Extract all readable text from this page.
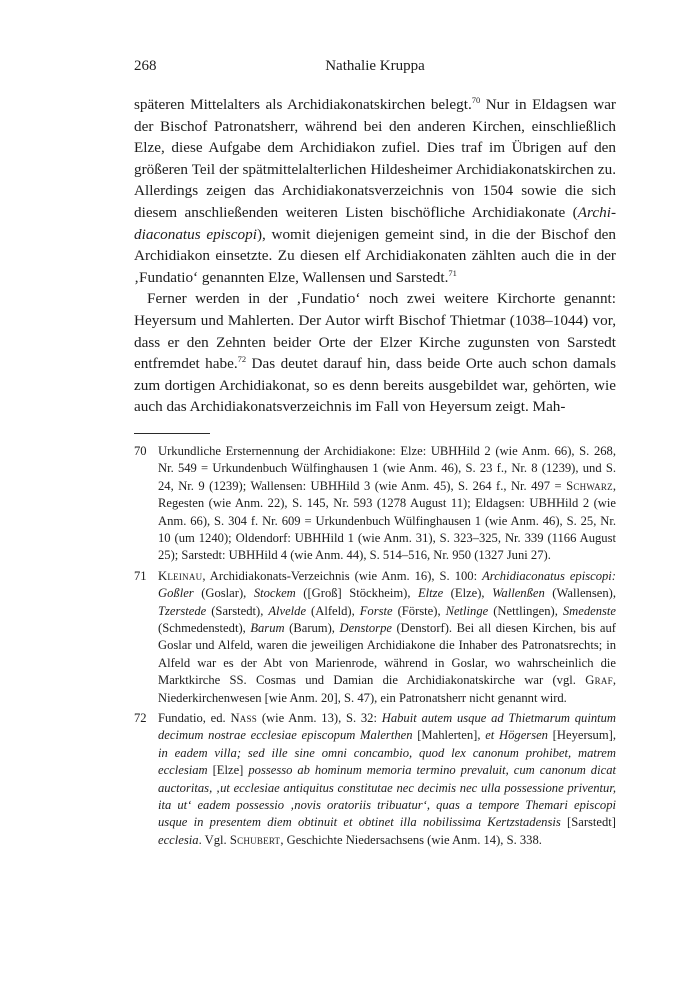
268	Nathalie Kruppa

späteren Mittelalters als Archidiakonatskirchen belegt.$^{70}$ Nur in Eldagsen war der Bischof Patronatsherr, während bei den anderen Kirchen, einschließlich Elze, diese Aufgabe dem Archidiakon zufiel. Dies traf im Übrigen auf den größeren Teil der spätmittelalterlichen Hildesheimer Archidiakonatskirchen zu. Allerdings zeigen das Archidiakonatsverzeichnis von 1504 sowie die sich diesem anschließenden weiteren Listen bischöfliche Archidiakonate (Archidiaconatus episcopi), womit diejenigen gemeint sind, in die der Bischof den Archidiakon einsetzte. Zu diesen elf Archidiakonaten zählten auch die in der ‚Fundatio‘ genannten Elze, Wallensen und Sarstedt.$^{71}$

Ferner werden in der ‚Fundatio‘ noch zwei weitere Kirchorte genannt: Heyersum und Mahlerten. Der Autor wirft Bischof Thietmar (1038–1044) vor, dass er den Zehnten beider Orte der Elzer Kirche zugunsten von Sarstedt entfremdet habe.$^{72}$ Das deutet darauf hin, dass beide Orte auch schon damals zum dortigen Archidiakonat, so es denn bereits ausgebildet war, gehörten, wie auch das Archidiakonatsverzeichnis im Fall von Heyersum zeigt. Mah-

70 Urkundliche Ersternennung der Archidiakone: Elze: UBHHild 2 (wie Anm. 66), S. 268, Nr. 549 = Urkundenbuch Wülfinghausen 1 (wie Anm. 46), S. 23 f., Nr. 8 (1239), und S. 24, Nr. 9 (1239); Wallensen: UBHHild 3 (wie Anm. 45), S. 264 f., Nr. 497 = Schwarz, Regesten (wie Anm. 22), S. 145, Nr. 593 (1278 August 11); Eldagsen: UBHHild 2 (wie Anm. 66), S. 304 f. Nr. 609 = Urkundenbuch Wülfinghausen 1 (wie Anm. 46), S. 25, Nr. 10 (um 1240); Oldendorf: UBHHild 1 (wie Anm. 31), S. 323–325, Nr. 339 (1166 August 25); Sarstedt: UBHHild 4 (wie Anm. 44), S. 514–516, Nr. 950 (1327 Juni 27).
71 Kleinau, Archidiakonats-Verzeichnis (wie Anm. 16), S. 100: Archidiaconatus episcopi: Goßler (Goslar), Stockem ([Groß] Stöckheim), Eltze (Elze), Wallenßen (Wallensen), Tzerstede (Sarstedt), Alvelde (Alfeld), Forste (Förste), Netlinge (Nettlingen), Smedenste (Schmedenstedt), Barum (Barum), Denstorpe (Denstorf). Bei all diesen Kirchen, bis auf Goslar und Alfeld, waren die jeweiligen Archidiakone die Inhaber des Patronatsrechts; in Alfeld war es der Abt von Marienrode, während in Goslar, wo wahrscheinlich die Marktkirche SS. Cosmas und Damian die Archidiakonatskirche war (vgl. Graf, Niederkirchenwesen [wie Anm. 20], S. 47), ein Patronatsherr nicht genannt wird.
72 Fundatio, ed. Nass (wie Anm. 13), S. 32: Habuit autem usque ad Thietmarum quintum decimum nostrae ecclesiae episcopum Malerthen [Mahlerten], et Högersen [Heyersum], in eadem villa; sed ille sine omni concambio, quod lex canonum prohibet, matrem ecclesiam [Elze] possesso ab hominum memoria termino prevaluit, cum canonum dicat auctoritas, ‚ut ecclesiae antiquitus constitutae nec decimis nec ulla possessione priventur, ita ut‘ eadem possessio ‚novis oratoriis tribuatur‘, quas a tempore Themari episcopi usque in presentem diem obtinuit et obtinet illa nobilissima Kertzstadensis [Sarstedt] ecclesia. Vgl. Schubert, Geschichte Niedersachsens (wie Anm. 14), S. 338.
